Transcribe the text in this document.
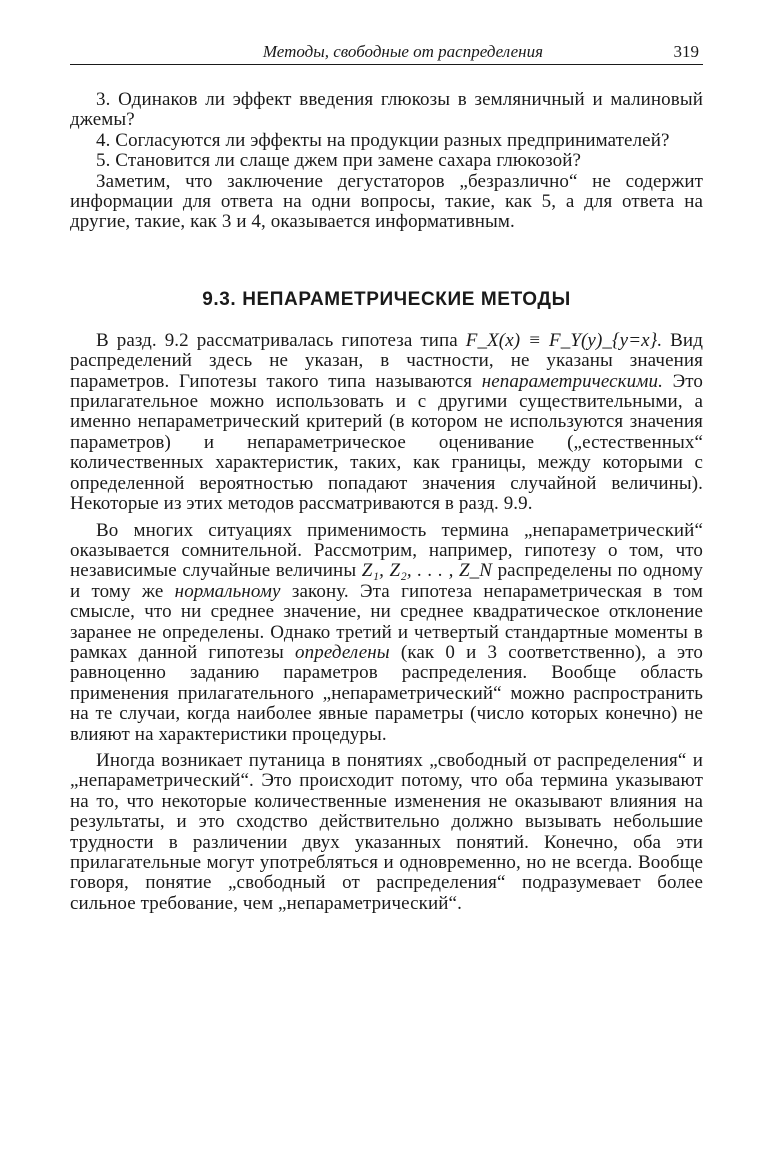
Методы, свободные от распределения	319

3. Одинаков ли эффект введения глюкозы в земляничный и малиновый джемы?

4. Согласуются ли эффекты на продукции разных предпринимателей?

5. Становится ли слаще джем при замене сахара глюкозой?

Заметим, что заключение дегустаторов „безразлично“ не содержит информации для ответа на одни вопросы, такие, как 5, а для ответа на другие, такие, как 3 и 4, оказывается информативным.

9.3. НЕПАРАМЕТРИЧЕСКИЕ МЕТОДЫ

В разд. 9.2 рассматривалась гипотеза типа F_X(x) ≡ F_Y(y)_{y=x}. Вид распределений здесь не указан, в частности, не указаны значения параметров. Гипотезы такого типа называются непараметрическими. Это прилагательное можно использовать и с другими существительными, а именно непараметрический критерий (в котором не используются значения параметров) и непараметрическое оценивание („естественных“ количественных характеристик, таких, как границы, между которыми с определенной вероятностью попадают значения случайной величины). Некоторые из этих методов рассматриваются в разд. 9.9.

Во многих ситуациях применимость термина „непараметрический“ оказывается сомнительной. Рассмотрим, например, гипотезу о том, что независимые случайные величины Z₁, Z₂, . . . , Z_N распределены по одному и тому же нормальному закону. Эта гипотеза непараметрическая в том смысле, что ни среднее значение, ни среднее квадратическое отклонение заранее не определены. Однако третий и четвертый стандартные моменты в рамках данной гипотезы определены (как 0 и 3 соответственно), а это равноценно заданию параметров распределения. Вообще область применения прилагательного „непараметрический“ можно распространить на те случаи, когда наиболее явные параметры (число которых конечно) не влияют на характеристики процедуры.

Иногда возникает путаница в понятиях „свободный от распределения“ и „непараметрический“. Это происходит потому, что оба термина указывают на то, что некоторые количественные изменения не оказывают влияния на результаты, и это сходство действительно должно вызывать небольшие трудности в различении двух указанных понятий. Конечно, оба эти прилагательные могут употребляться и одновременно, но не всегда. Вообще говоря, понятие „свободный от распределения“ подразумевает более сильное требование, чем „непараметрический“.
